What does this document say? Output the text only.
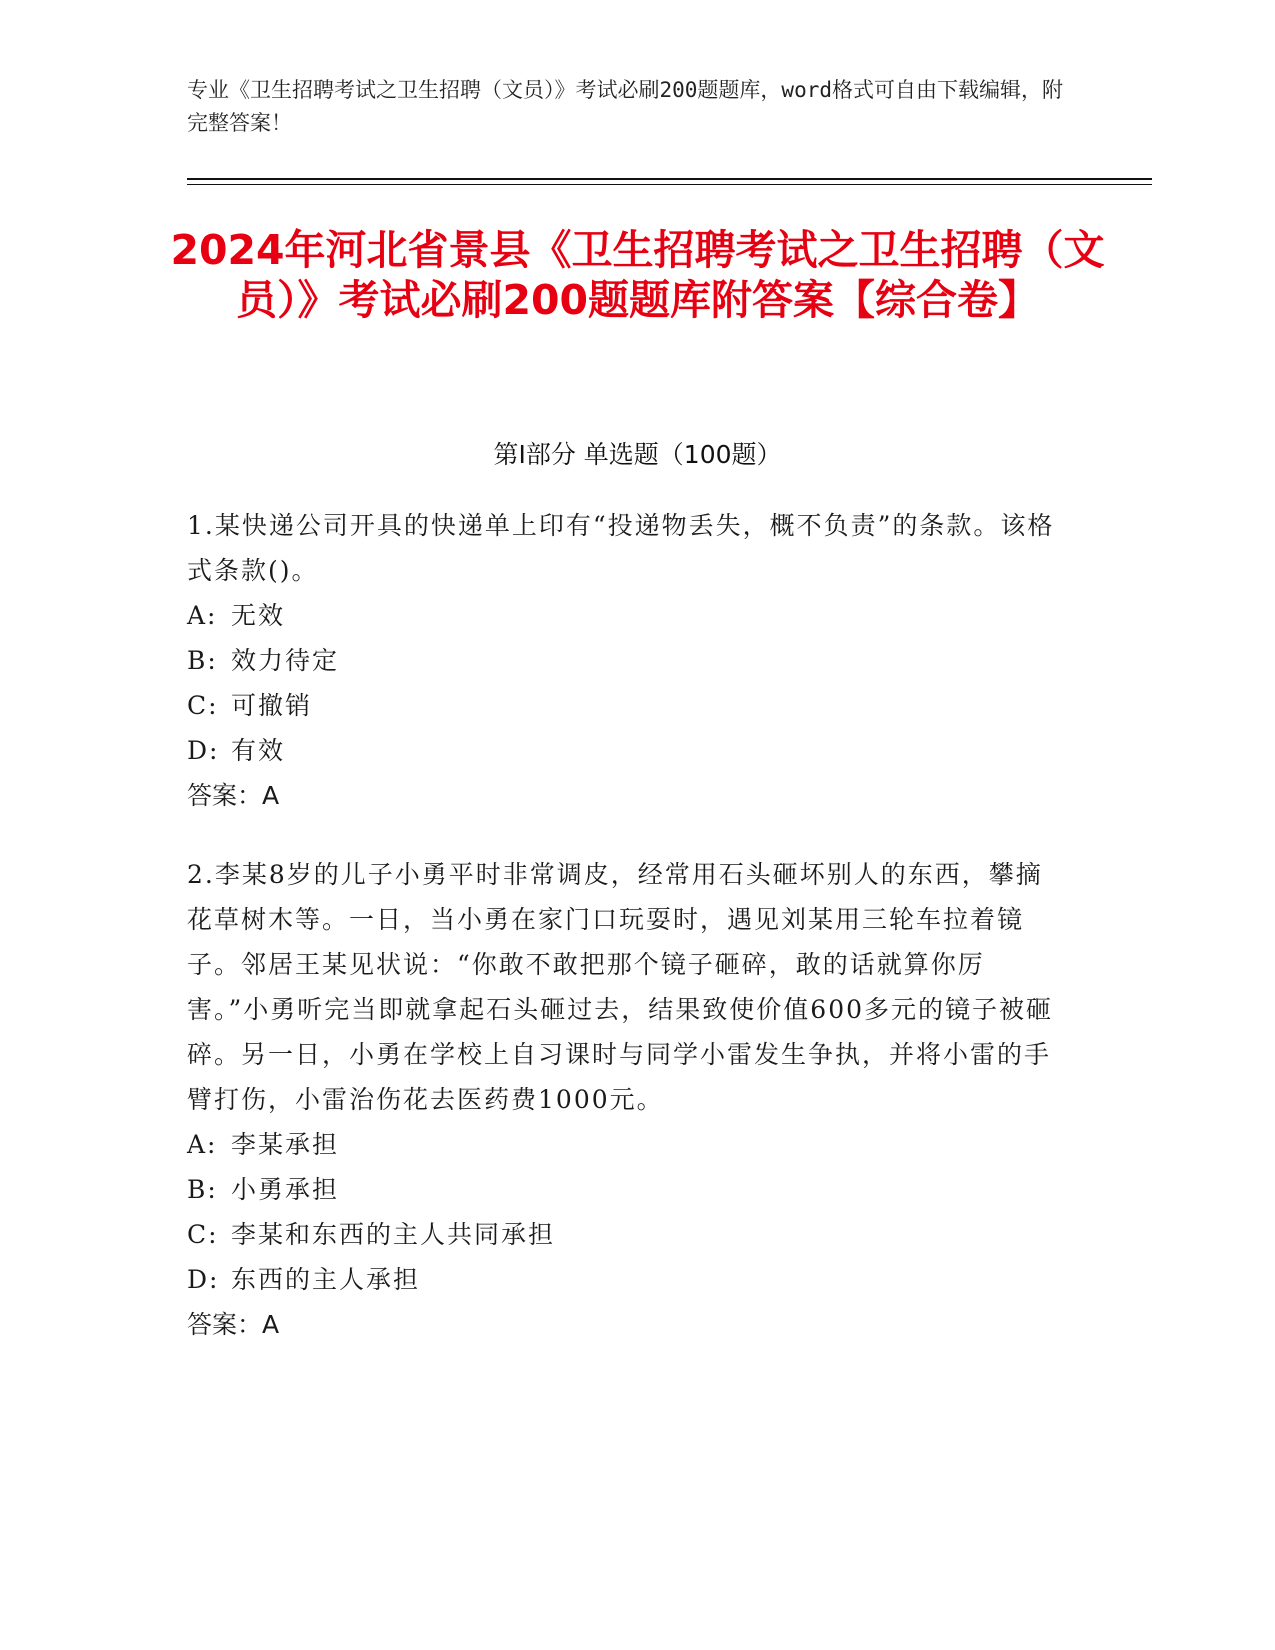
专业《卫生招聘考试之卫生招聘（文员）》考试必刷200题题库，word格式可自由下载编辑，附完整答案！
2024年河北省景县《卫生招聘考试之卫生招聘（文员）》考试必刷200题题库附答案【综合卷】
第Ⅰ部分 单选题（100题）
1.某快递公司开具的快递单上印有“投递物丢失，概不负责”的条款。该格式条款()。
A: 无效
B: 效力待定
C: 可撤销
D: 有效
答案：A
2.李某8岁的儿子小勇平时非常调皮，经常用石头砸坏别人的东西，攀摘花草树木等。一日，当小勇在家门口玩耍时，遇见刘某用三轮车拉着镜子。邻居王某见状说：“你敢不敢把那个镜子砸碎，敢的话就算你厉害。”小勇听完当即就拿起石头砸过去，结果致使价值600多元的镜子被砸碎。另一日，小勇在学校上自习课时与同学小雷发生争执，并将小雷的手臂打伤，小雷治伤花去医药费1000元。
A: 李某承担
B: 小勇承担
C: 李某和东西的主人共同承担
D: 东西的主人承担
答案：A
